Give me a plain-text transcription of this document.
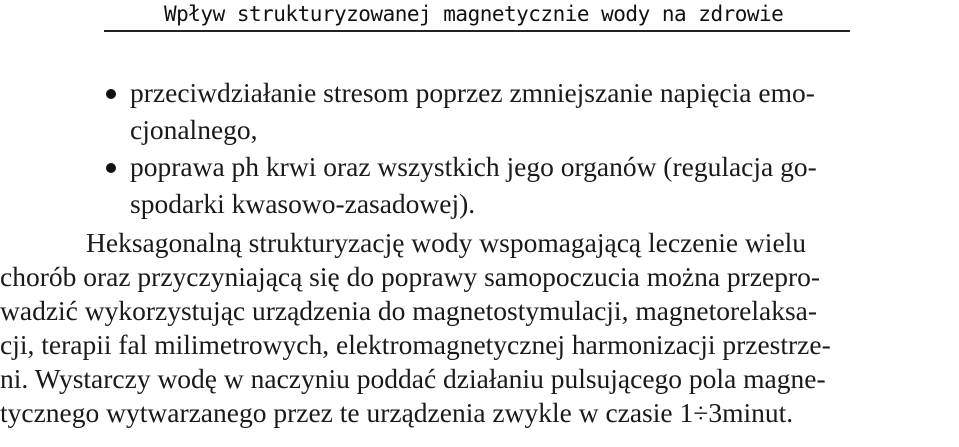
Wpływ strukturyzowanej magnetycznie wody na zdrowie
przeciwdziałanie stresom poprzez zmniejszanie napięcia emo-
cjonalnego,
poprawa ph krwi oraz wszystkich jego organów (regulacja go-
spodarki kwasowo-zasadowej).
Heksagonalną strukturyzację wody wspomagającą leczenie wielu
chorób oraz przyczyniającą się do poprawy samopoczucia można przepro-
wadzić wykorzystując urządzenia do magnetostymulacji, magnetorelaksa-
cji, terapii fal milimetrowych, elektromagnetycznej harmonizacji przestrze-
ni. Wystarczy wodę w naczyniu poddać działaniu pulsującego pola magne-
tycznego wytwarzanego przez te urządzenia zwykle w czasie 1÷3minut.
